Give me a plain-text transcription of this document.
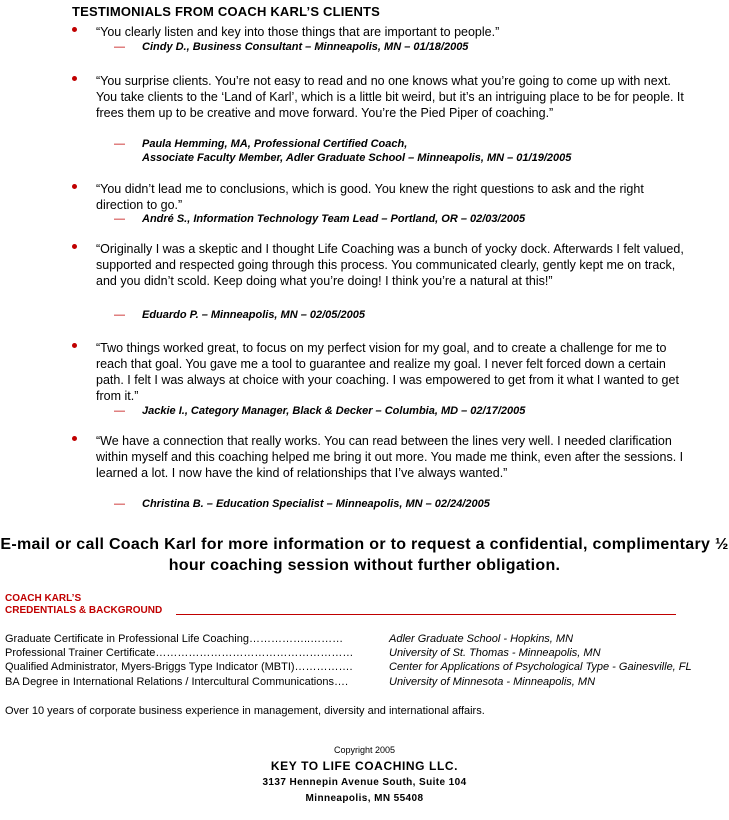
TESTIMONIALS FROM COACH KARL’S CLIENTS
“You clearly listen and key into those things that are important to people.”
— Cindy D., Business Consultant – Minneapolis, MN – 01/18/2005
“You surprise clients. You’re not easy to read and no one knows what you’re going to come up with next. You take clients to the ‘Land of Karl’, which is a little bit weird, but it’s an intriguing place to be for people. It frees them up to be creative and move forward. You’re the Pied Piper of coaching.”
— Paula Hemming, MA, Professional Certified Coach,
Associate Faculty Member, Adler Graduate School – Minneapolis, MN – 01/19/2005
“You didn’t lead me to conclusions, which is good. You knew the right questions to ask and the right direction to go.”
— André S., Information Technology Team Lead – Portland, OR – 02/03/2005
“Originally I was a skeptic and I thought Life Coaching was a bunch of yocky dock. Afterwards I felt valued, supported and respected going through this process. You communicated clearly, gently kept me on track, and you didn’t scold. Keep doing what you’re doing! I think you’re a natural at this!”
— Eduardo P. – Minneapolis, MN – 02/05/2005
“Two things worked great, to focus on my perfect vision for my goal, and to create a challenge for me to reach that goal. You gave me a tool to guarantee and realize my goal. I never felt forced down a certain path. I felt I was always at choice with your coaching. I was empowered to get from it what I wanted to get from it.”
— Jackie I., Category Manager, Black & Decker – Columbia, MD – 02/17/2005
“We have a connection that really works. You can read between the lines very well. I needed clarification within myself and this coaching helped me bring it out more. You made me think, even after the sessions. I learned a lot. I now have the kind of relationships that I’ve always wanted.”
— Christina B. – Education Specialist – Minneapolis, MN – 02/24/2005
E-mail or call Coach Karl for more information or to request a confidential, complimentary ½ hour coaching session without further obligation.
COACH KARL’S
CREDENTIALS & BACKGROUND
Graduate Certificate in Professional Life Coaching……………..………	Adler Graduate School - Hopkins, MN
Professional Trainer Certificate………………………………………………	University of St. Thomas - Minneapolis, MN
Qualified Administrator, Myers-Briggs Type Indicator (MBTI)…………….	Center for Applications of Psychological Type - Gainesville, FL
BA Degree in International Relations / Intercultural Communications….	University of Minnesota - Minneapolis, MN
Over 10 years of corporate business experience in management, diversity and international affairs.
Copyright 2005
KEY TO LIFE COACHING LLC.
3137 Hennepin Avenue South, Suite 104
Minneapolis, MN 55408
